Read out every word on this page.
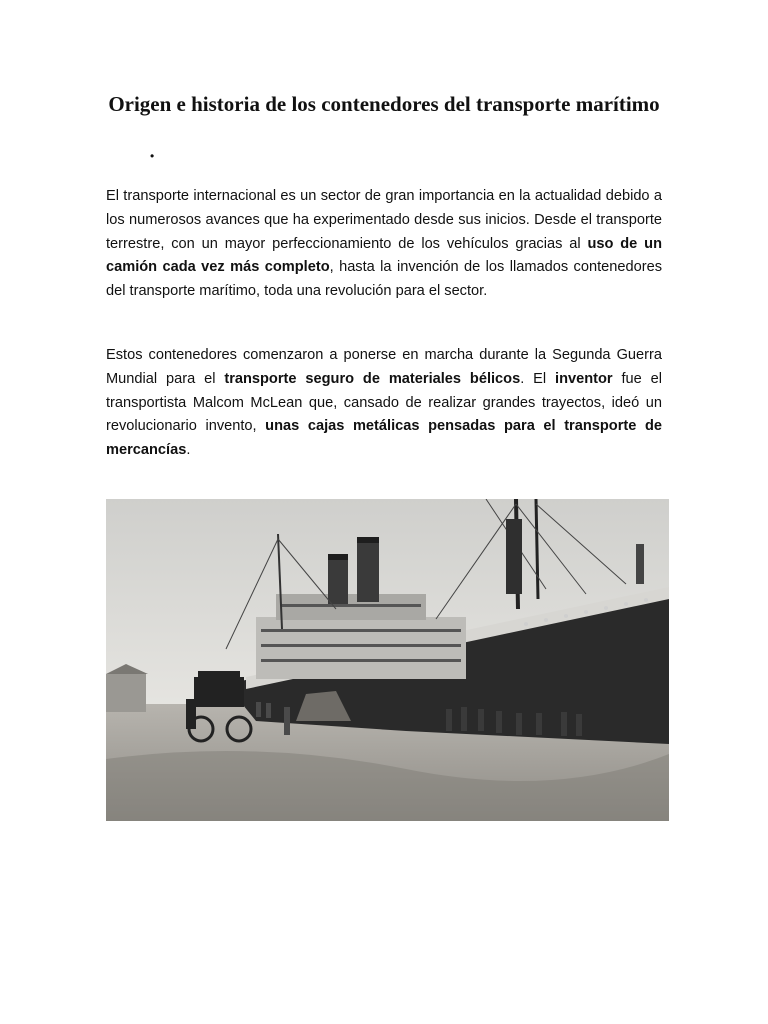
Origen e historia de los contenedores del transporte marítimo
•

El transporte internacional es un sector de gran importancia en la actualidad debido a los numerosos avances que ha experimentado desde sus inicios. Desde el transporte terrestre, con un mayor perfeccionamiento de los vehículos gracias al uso de un camión cada vez más completo, hasta la invención de los llamados contenedores del transporte marítimo, toda una revolución para el sector.

Estos contenedores comenzaron a ponerse en marcha durante la Segunda Guerra Mundial para el transporte seguro de materiales bélicos. El inventor fue el transportista Malcom McLean que, cansado de realizar grandes trayectos, ideó un revolucionario invento, unas cajas metálicas pensadas para el transporte de mercancías.
